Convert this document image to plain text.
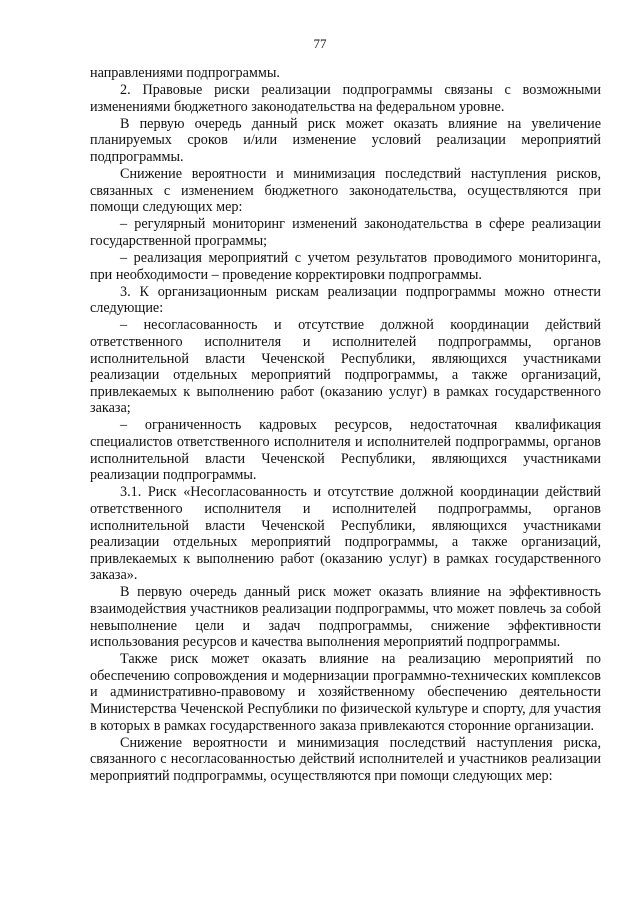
77

направлениями подпрограммы.

2. Правовые риски реализации подпрограммы связаны с возможными изменениями бюджетного законодательства на федеральном уровне.

В первую очередь данный риск может оказать влияние на увеличение планируемых сроков и/или изменение условий реализации мероприятий подпрограммы.

Снижение вероятности и минимизация последствий наступления рисков, связанных с изменением бюджетного законодательства, осуществляются при помощи следующих мер:

– регулярный мониторинг изменений законодательства в сфере реализации государственной программы;

– реализация мероприятий с учетом результатов проводимого мониторинга, при необходимости – проведение корректировки подпрограммы.

3. К организационным рискам реализации подпрограммы можно отнести следующие:

– несогласованность и отсутствие должной координации действий ответственного исполнителя и исполнителей подпрограммы, органов исполнительной власти Чеченской Республики, являющихся участниками реализации отдельных мероприятий подпрограммы, а также организаций, привлекаемых к выполнению работ (оказанию услуг) в рамках государственного заказа;

– ограниченность кадровых ресурсов, недостаточная квалификация специалистов ответственного исполнителя и исполнителей подпрограммы, органов исполнительной власти Чеченской Республики, являющихся участниками реализации подпрограммы.

3.1. Риск «Несогласованность и отсутствие должной координации действий ответственного исполнителя и исполнителей подпрограммы, органов исполнительной власти Чеченской Республики, являющихся участниками реализации отдельных мероприятий подпрограммы, а также организаций, привлекаемых к выполнению работ (оказанию услуг) в рамках государственного заказа».

В первую очередь данный риск может оказать влияние на эффективность взаимодействия участников реализации подпрограммы, что может повлечь за собой невыполнение цели и задач подпрограммы, снижение эффективности использования ресурсов и качества выполнения мероприятий подпрограммы.

Также риск может оказать влияние на реализацию мероприятий по обеспечению сопровождения и модернизации программно-технических комплексов и административно-правовому и хозяйственному обеспечению деятельности Министерства Чеченской Республики по физической культуре и спорту, для участия в которых в рамках государственного заказа привлекаются сторонние организации.

Снижение вероятности и минимизация последствий наступления риска, связанного с несогласованностью действий исполнителей и участников реализации мероприятий подпрограммы, осуществляются при помощи следующих мер:
